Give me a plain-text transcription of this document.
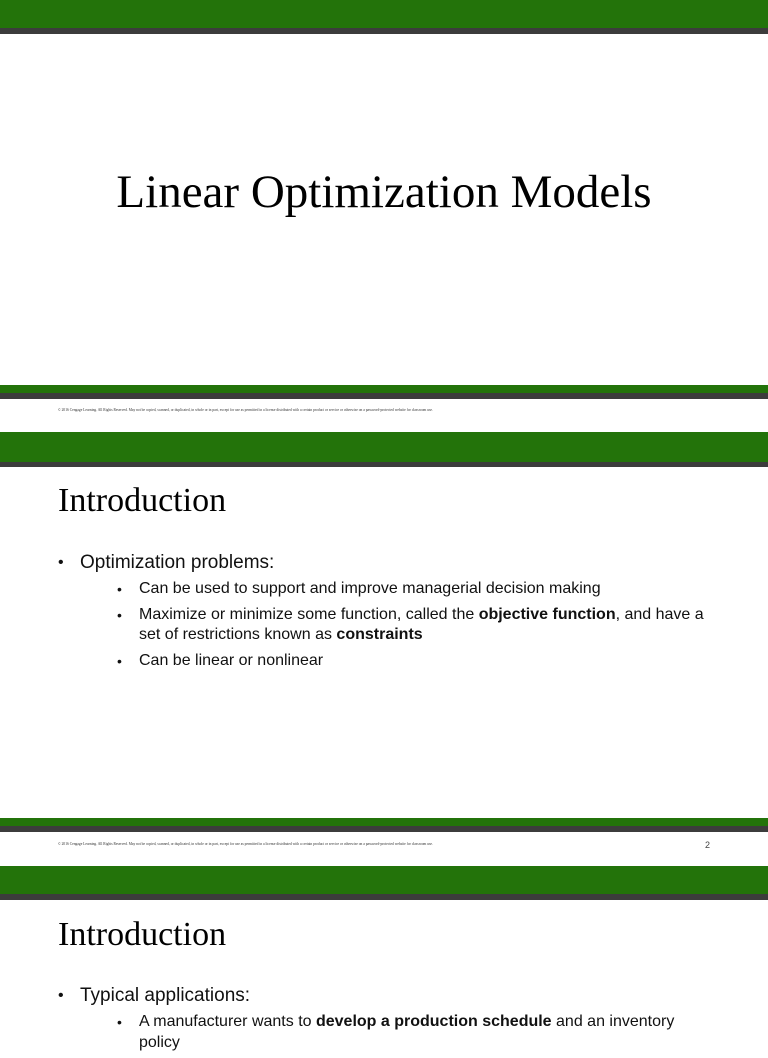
Linear Optimization Models
© 2016 Cengage Learning. All Rights Reserved. May not be copied, scanned, or duplicated, in whole or in part, except for use as permitted in a license distributed with a certain product or service or otherwise on a password-protected website for classroom use.
Introduction
• Optimization problems:
• Can be used to support and improve managerial decision making
• Maximize or minimize some function, called the objective function, and have a set of restrictions known as constraints
• Can be linear or nonlinear
© 2016 Cengage Learning. All Rights Reserved. May not be copied, scanned, or duplicated, in whole or in part, except for use as permitted in a license distributed with a certain product or service or otherwise on a password-protected website for classroom use.	2
Introduction
• Typical applications:
• A manufacturer wants to develop a production schedule and an inventory policy
